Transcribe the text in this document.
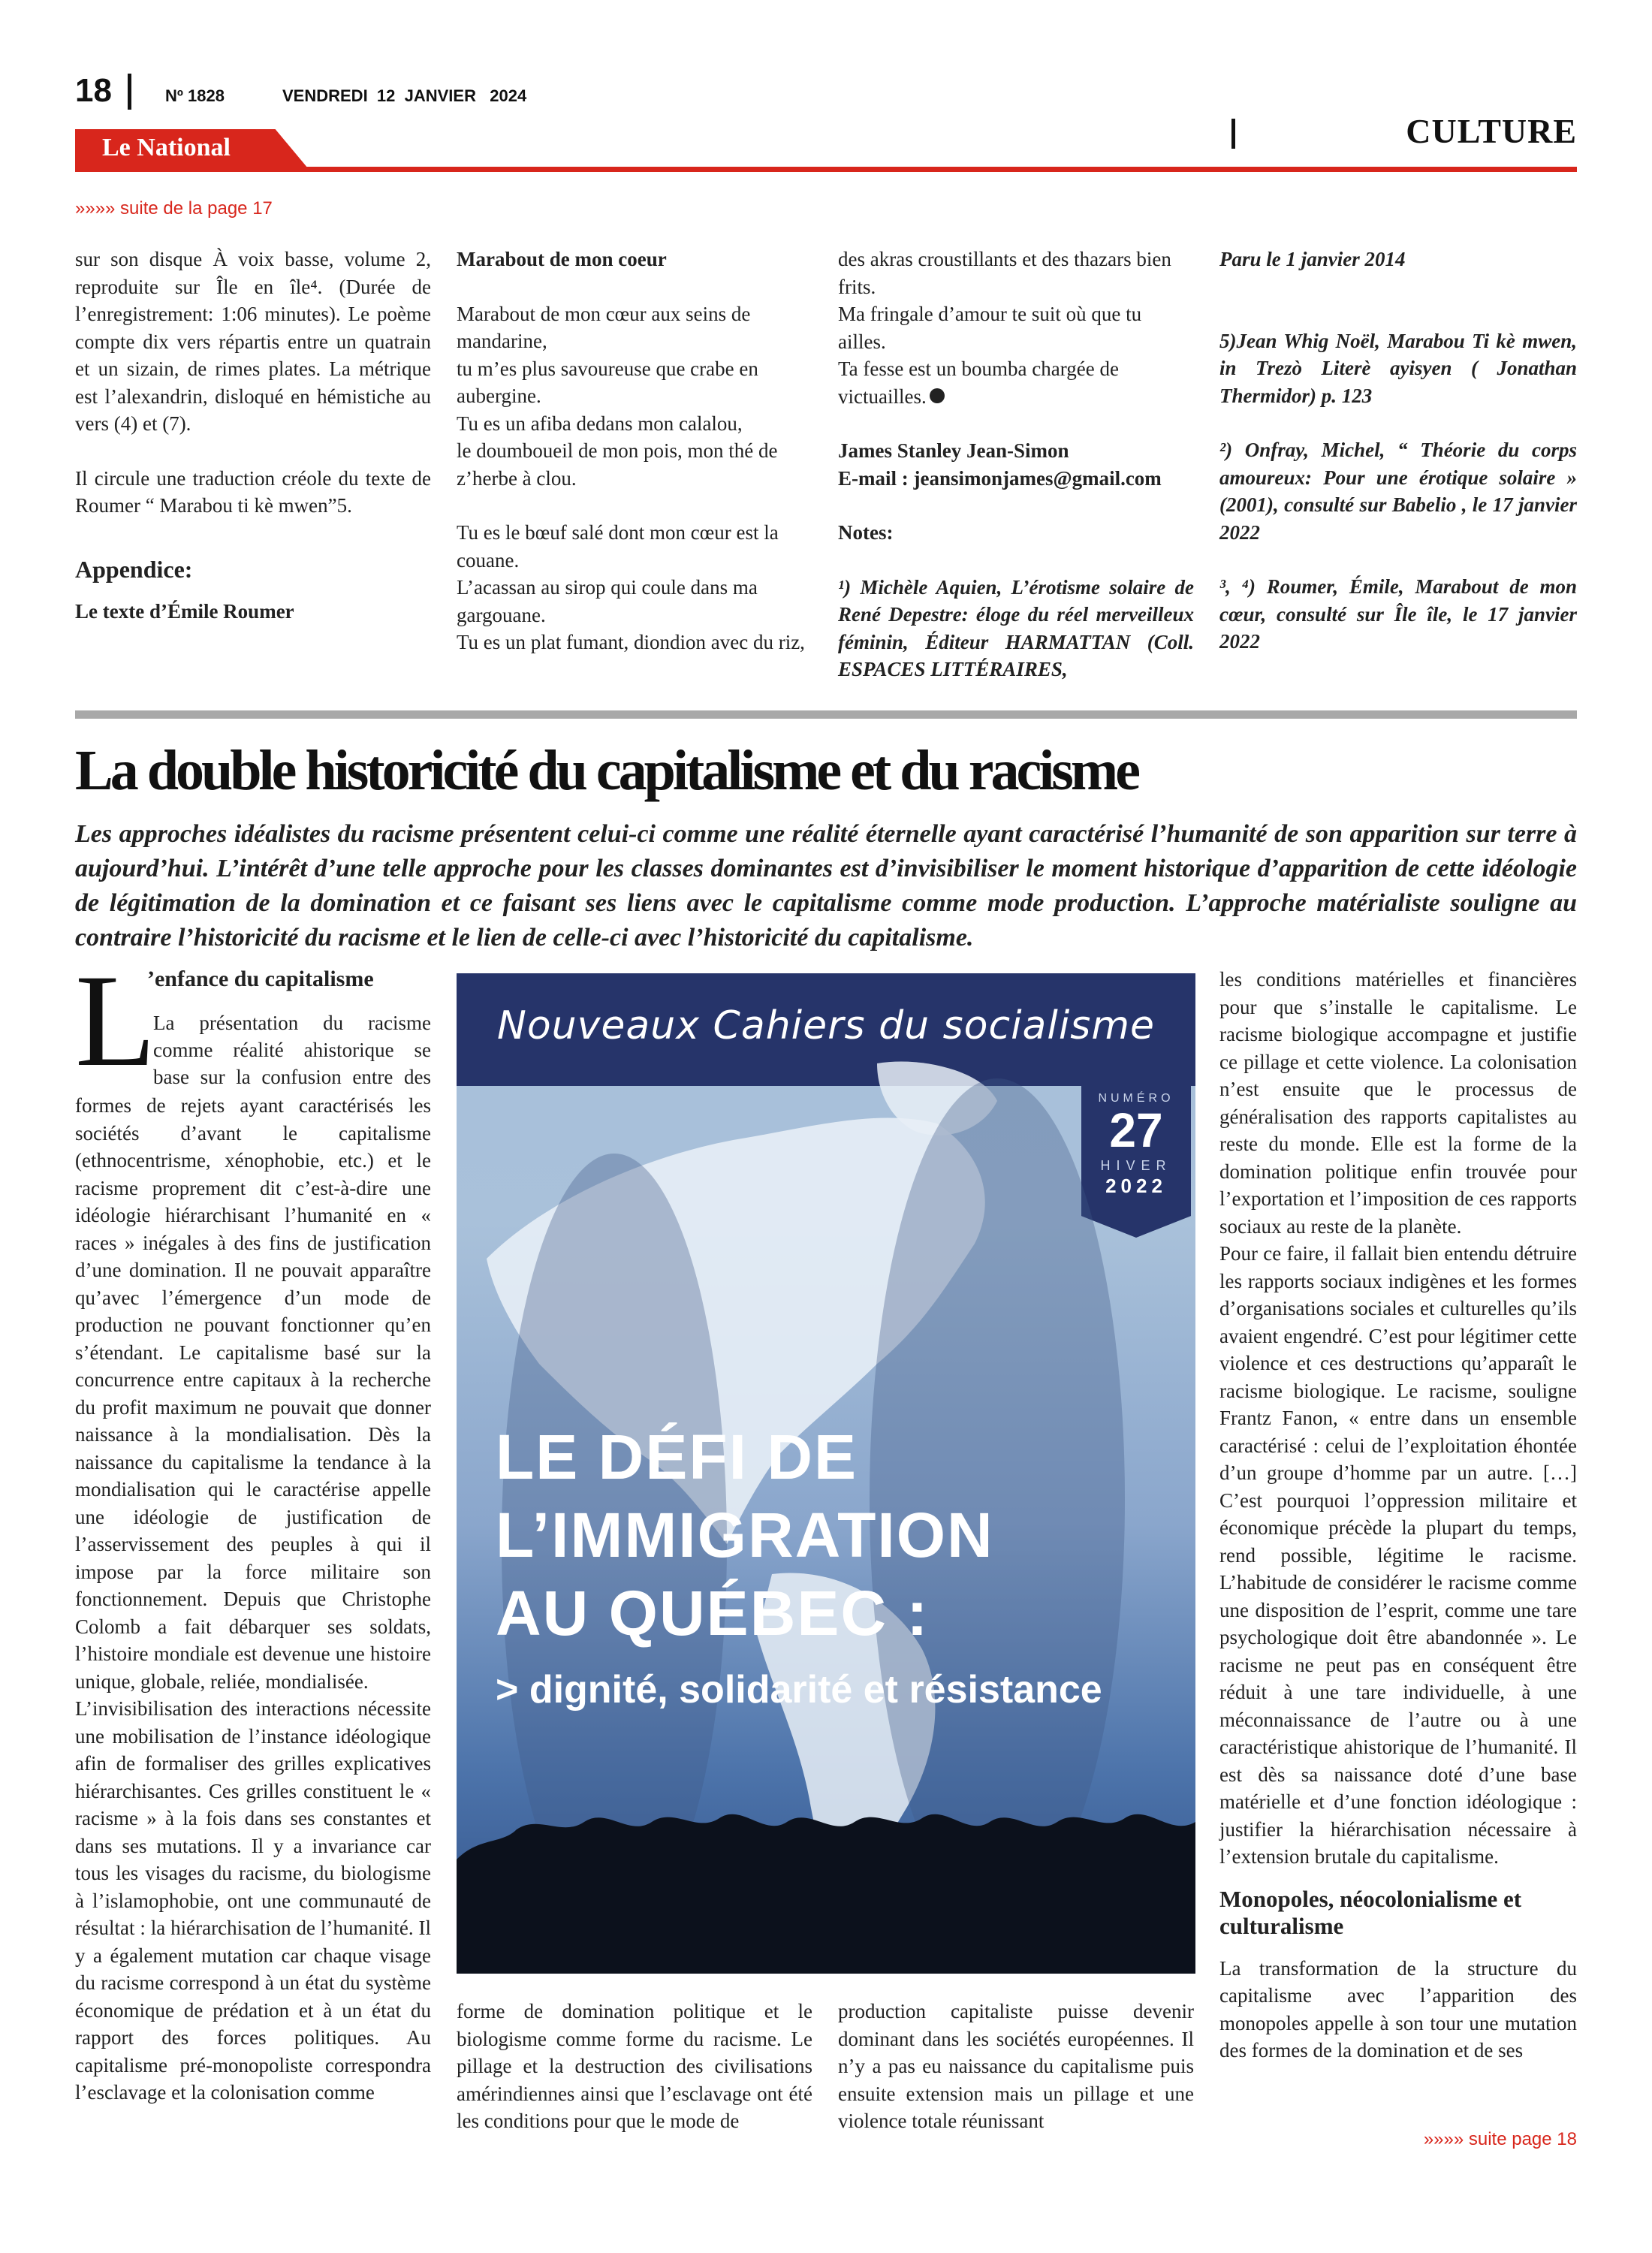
18	Nº 1828	VENDREDI  12  JANVIER   2024
Le National	CULTURE
»»»» suite de la page 17

sur son disque À voix basse, volume 2, reproduite sur Île en île⁴. (Durée de l’enregistrement: 1:06 minutes). Le poème compte dix vers répartis entre un quatrain et un sizain, de rimes plates. La métrique est l’alexandrin, disloqué en hémistiche au vers (4) et (7).

Il circule une traduction créole du texte de Roumer “ Marabou ti kè mwen”5.

Appendice:

Le texte d’Émile Roumer

Marabout de mon coeur

Marabout de mon cœur aux seins de mandarine,

tu m’es plus savoureuse que crabe en aubergine.

Tu es un afiba dedans mon calalou,

le doumboueil de mon pois, mon thé de z’herbe à clou.

Tu es le bœuf salé dont mon cœur est la couane.

L’acassan au sirop qui coule dans ma gargouane.

Tu es un plat fumant, diondion avec du riz,

des akras croustillants et des thazars bien frits.

Ma fringale d’amour te suit où que tu ailles.

Ta fesse est un boumba chargée de victuailles.

James Stanley Jean-Simon

E-mail : jeansimonjames@gmail.com

Notes:

¹) Michèle Aquien, L’érotisme solaire de René Depestre: éloge du réel merveilleux féminin, Éditeur HARMATTAN (Coll. ESPACES LITTÉRAIRES,

Paru le 1 janvier 2014

5)Jean Whig Noël, Marabou Ti kè mwen, in Trezò Literè ayisyen ( Jonathan Thermidor) p. 123

²) Onfray, Michel, “ Théorie du corps amoureux: Pour une érotique solaire » (2001), consulté sur Babelio , le 17 janvier 2022

³, ⁴) Roumer, Émile, Marabout de mon cœur, consulté sur Île île, le 17 janvier 2022

La double historicité du capitalisme et du racisme
Les approches idéalistes du racisme présentent celui-ci comme une réalité éternelle ayant caractérisé l’humanité de son apparition sur terre à aujourd’hui. L’intérêt d’une telle approche pour les classes dominantes est d’invisibiliser le moment historique d’apparition de cette idéologie de légitimation de la domination et ce faisant ses liens avec le capitalisme comme mode production. L’approche matérialiste souligne au contraire l’historicité du racisme et le lien de celle-ci avec l’historicité du capitalisme.
L
’enfance du capitalisme
La présentation du racisme
comme réalité ahistorique se
base sur la confusion entre des

formes de rejets ayant caractérisés les sociétés d’avant le capitalisme (ethnocentrisme, xénophobie, etc.) et le racisme proprement dit c’est-à-dire une idéologie hiérarchisant l’humanité en « races » inégales à des fins de justification d’une domination. Il ne pouvait apparaître qu’avec l’émergence d’un mode de production ne pouvant fonctionner qu’en s’étendant. Le capitalisme basé sur la concurrence entre capitaux à la recherche du profit maximum ne pouvait que donner naissance à la mondialisation. Dès la naissance du capitalisme la tendance à la mondialisation qui le caractérise appelle une idéologie de justification de l’asservissement des peuples à qui il impose par la force militaire son fonctionnement. Depuis que Christophe Colomb a fait débarquer ses soldats, l’histoire mondiale est devenue une histoire unique, globale, reliée, mondialisée.

L’invisibilisation des interactions nécessite une mobilisation de l’instance idéologique afin de formaliser des grilles explicatives hiérarchisantes. Ces grilles constituent le « racisme » à la fois dans ses constantes et dans ses mutations. Il y a invariance car tous les visages du racisme, du biologisme à l’islamophobie, ont une communauté de résultat : la hiérarchisation de l’humanité. Il y a également mutation car chaque visage du racisme correspond à un état du système économique de prédation et à un état du rapport des forces politiques. Au capitalisme pré-monopoliste correspondra l’esclavage et la colonisation comme

Nouveaux Cahiers du socialisme
NUMÉRO
27
HIVER
2022
LE DÉFI DE
L’IMMIGRATION
AU QUÉBEC :
> dignité, solidarité et résistance

forme de domination politique et le biologisme comme forme du racisme. Le pillage et la destruction des civilisations amérindiennes ainsi que l’esclavage ont été les conditions pour que le mode de

production capitaliste puisse devenir dominant dans les sociétés européennes. Il n’y a pas eu naissance du capitalisme puis ensuite extension mais un pillage et une violence totale réunissant

les conditions matérielles et financières pour que s’installe le capitalisme. Le racisme biologique accompagne et justifie ce pillage et cette violence. La colonisation n’est ensuite que le processus de généralisation des rapports capitalistes au reste du monde. Elle est la forme de la domination politique enfin trouvée pour l’exportation et l’imposition de ces rapports sociaux au reste de la planète.

Pour ce faire, il fallait bien entendu détruire les rapports sociaux indigènes et les formes d’organisations sociales et culturelles qu’ils avaient engendré. C’est pour légitimer cette violence et ces destructions qu’apparaît le racisme biologique. Le racisme, souligne Frantz Fanon, « entre dans un ensemble caractérisé : celui de l’exploitation éhontée d’un groupe d’homme par un autre. […] C’est pourquoi l’oppression militaire et économique précède la plupart du temps, rend possible, légitime le racisme. L’habitude de considérer le racisme comme une disposition de l’esprit, comme une tare psychologique doit être abandonnée ». Le racisme ne peut pas en conséquent être réduit à une tare individuelle, à une méconnaissance de l’autre ou à une caractéristique ahistorique de l’humanité. Il est dès sa naissance doté d’une base matérielle et d’une fonction idéologique : justifier la hiérarchisation nécessaire à l’extension brutale du capitalisme.

Monopoles, néocolonialisme et culturalisme

La transformation de la structure du capitalisme avec l’apparition des monopoles appelle à son tour une mutation des formes de la domination et de ses

»»»» suite page 18
